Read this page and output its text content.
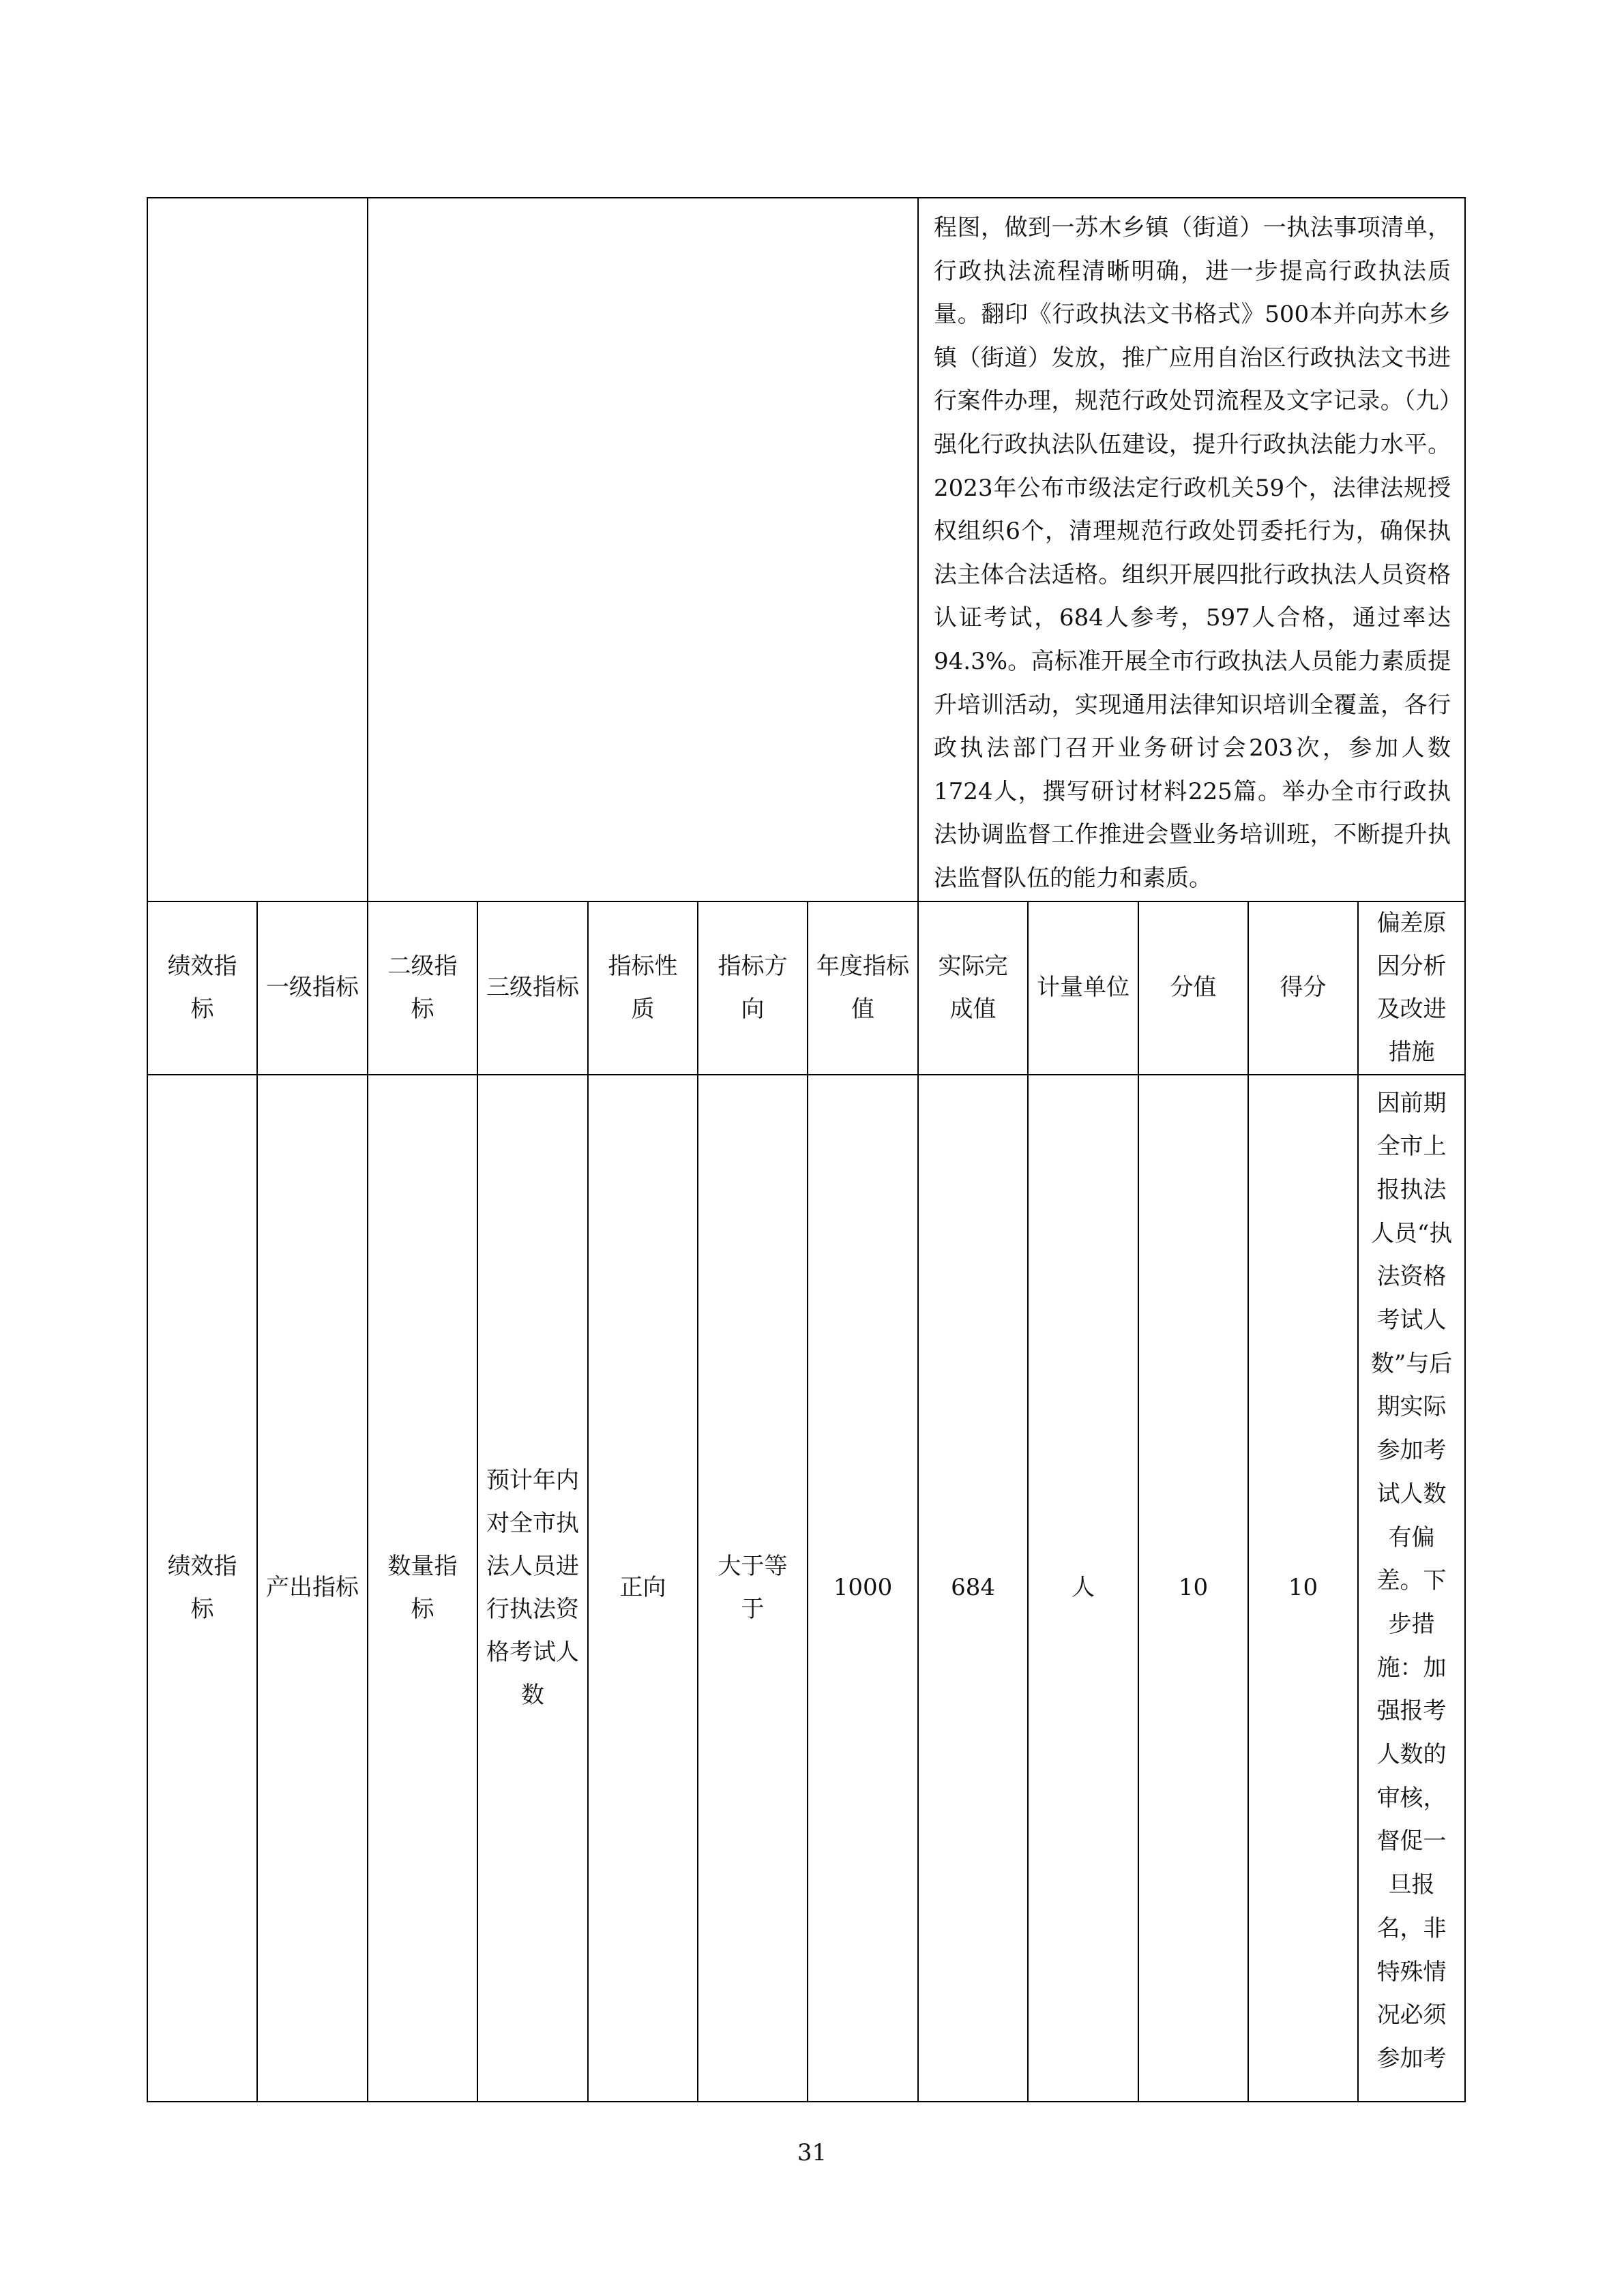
							程图，做到一苏木乡镇（街道）一执法事项清单，行政执法流程清晰明确，进一步提高行政执法质量。翻印《行政执法文书格式》500本并向苏木乡镇（街道）发放，推广应用自治区行政执法文书进行案件办理，规范行政处罚流程及文字记录。（九）强化行政执法队伍建设，提升行政执法能力水平。2023年公布市级法定行政机关59个，法律法规授权组织6个，清理规范行政处罚委托行为，确保执法主体合法适格。组织开展四批行政执法人员资格认证考试，684人参考，597人合格，通过率达94.3%。高标准开展全市行政执法人员能力素质提升培训活动，实现通用法律知识培训全覆盖，各行政执法部门召开业务研讨会203次，参加人数1724人，撰写研讨材料225篇。举办全市行政执法协调监督工作推进会暨业务培训班，不断提升执法监督队伍的能力和素质。				

绩效指标	一级指标	二级指标	三级指标	指标性质	指标方向	年度指标值	实际完成值	计量单位	分值	得分	偏差原因分析及改进措施

绩效指标	产出指标	数量指标	预计年内对全市执法人员进行执法资格考试人数	正向	大于等于	1000	684	人	10	10	因前期全市上报执法人员“执法资格考试人数”与后期实际参加考试人数有偏差。下步措施：加强报考人数的审核，督促一旦报名，非特殊情况必须参加考
31
